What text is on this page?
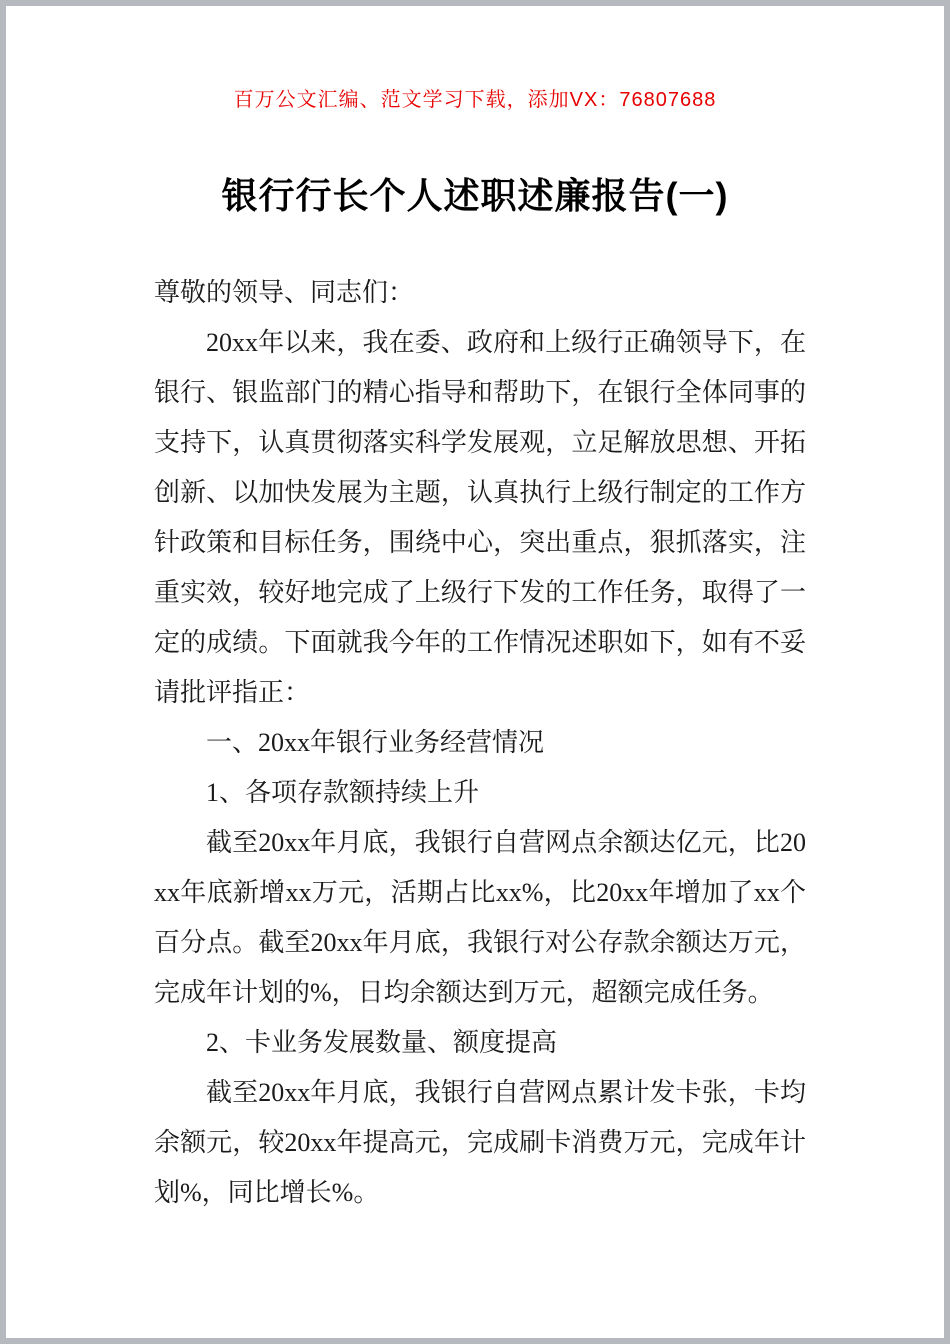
百万公文汇编、范文学习下载，添加VX：76807688
银行行长个人述职述廉报告(一)

尊敬的领导、同志们：

20xx年以来，我在委、政府和上级行正确领导下，在银行、银监部门的精心指导和帮助下，在银行全体同事的支持下，认真贯彻落实科学发展观，立足解放思想、开拓创新、以加快发展为主题，认真执行上级行制定的工作方针政策和目标任务，围绕中心，突出重点，狠抓落实，注重实效，较好地完成了上级行下发的工作任务，取得了一定的成绩。下面就我今年的工作情况述职如下，如有不妥请批评指正：

一、20xx年银行业务经营情况

1、各项存款额持续上升

截至20xx年月底，我银行自营网点余额达亿元，比20xx年底新增xx万元，活期占比xx%，比20xx年增加了xx个百分点。截至20xx年月底，我银行对公存款余额达万元，完成年计划的%，日均余额达到万元，超额完成任务。

2、卡业务发展数量、额度提高

截至20xx年月底，我银行自营网点累计发卡张，卡均余额元，较20xx年提高元，完成刷卡消费万元，完成年计划%，同比增长%。
